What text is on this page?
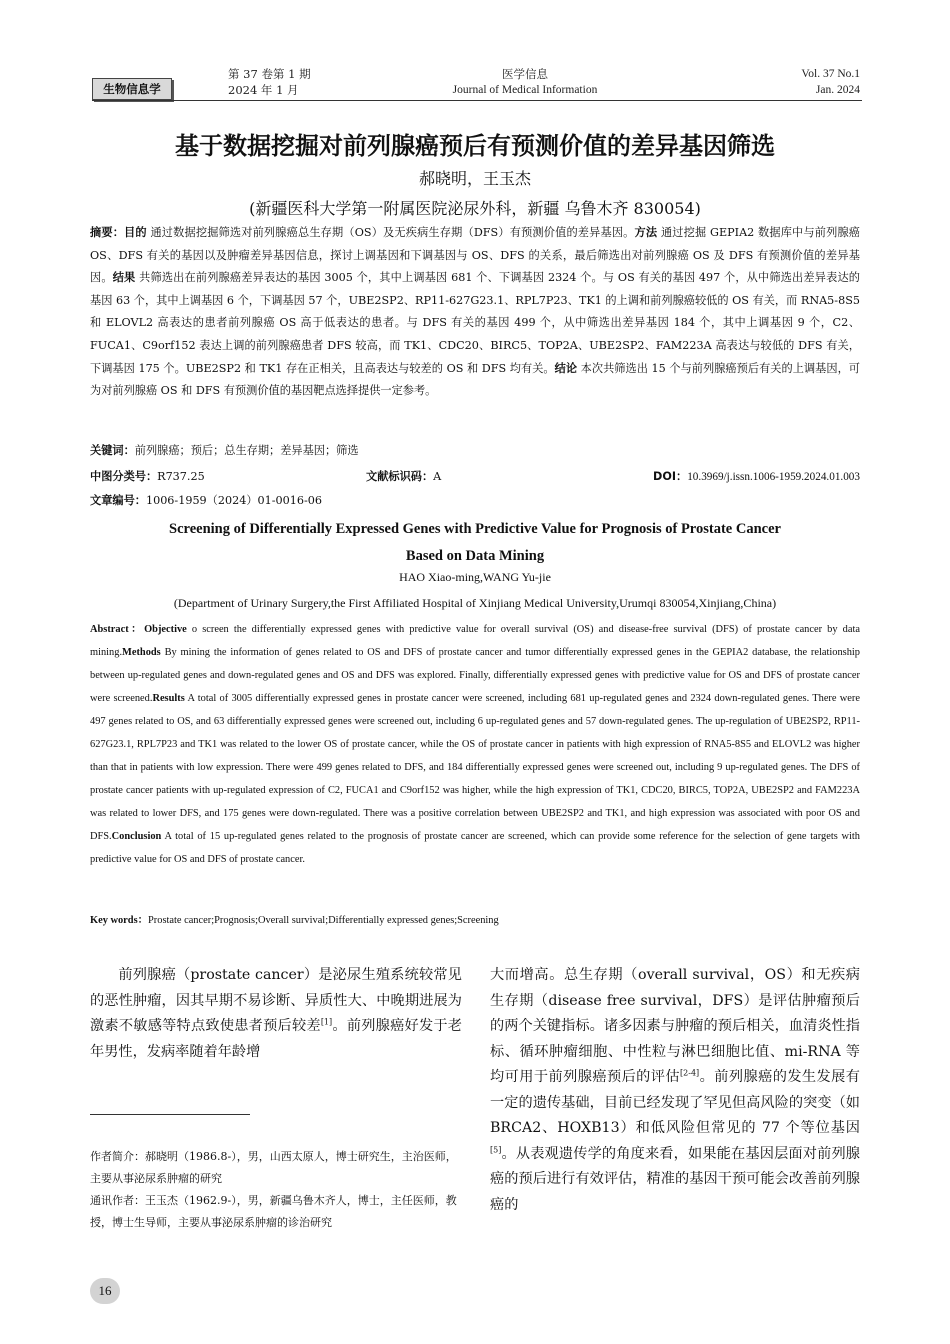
生物信息学
第 37 卷第 1 期
2024 年 1 月
医学信息
Journal of Medical Information
Vol. 37 No.1
Jan. 2024
基于数据挖掘对前列腺癌预后有预测价值的差异基因筛选
郝晓明，王玉杰
(新疆医科大学第一附属医院泌尿外科，新疆 乌鲁木齐 830054)
摘要：目的 通过数据挖掘筛选对前列腺癌总生存期（OS）及无疾病生存期（DFS）有预测价值的差异基因。方法 通过挖掘 GEPIA2 数据库中与前列腺癌 OS、DFS 有关的基因以及肿瘤差异基因信息，探讨上调基因和下调基因与 OS、DFS 的关系，最后筛选出对前列腺癌 OS 及 DFS 有预测价值的差异基因。结果 共筛选出在前列腺癌差异表达的基因 3005 个，其中上调基因 681 个、下调基因 2324 个。与 OS 有关的基因 497 个，从中筛选出差异表达的基因 63 个，其中上调基因 6 个，下调基因 57 个，UBE2SP2、RP11-627G23.1、RPL7P23、TK1 的上调和前列腺癌较低的 OS 有关，而 RNA5-8S5 和 ELOVL2 高表达的患者前列腺癌 OS 高于低表达的患者。与 DFS 有关的基因 499 个，从中筛选出差异基因 184 个，其中上调基因 9 个，C2、FUCA1、C9orf152 表达上调的前列腺癌患者 DFS 较高，而 TK1、CDC20、BIRC5、TOP2A、UBE2SP2、FAM223A 高表达与较低的 DFS 有关，下调基因 175 个。UBE2SP2 和 TK1 存在正相关，且高表达与较差的 OS 和 DFS 均有关。结论 本次共筛选出 15 个与前列腺癌预后有关的上调基因，可为对前列腺癌 OS 和 DFS 有预测价值的基因靶点选择提供一定参考。
关键词：前列腺癌；预后；总生存期；差异基因；筛选
中图分类号：R737.25	文献标识码：A	DOI：10.3969/j.issn.1006-1959.2024.01.003
文章编号：1006-1959（2024）01-0016-06
Screening of Differentially Expressed Genes with Predictive Value for Prognosis of Prostate Cancer
Based on Data Mining
HAO Xiao-ming,WANG Yu-jie
(Department of Urinary Surgery,the First Affiliated Hospital of Xinjiang Medical University,Urumqi 830054,Xinjiang,China)
Abstract：Objective o screen the differentially expressed genes with predictive value for overall survival (OS) and disease-free survival (DFS) of prostate cancer by data mining.Methods By mining the information of genes related to OS and DFS of prostate cancer and tumor differentially expressed genes in the GEPIA2 database, the relationship between up-regulated genes and down-regulated genes and OS and DFS was explored. Finally, differentially expressed genes with predictive value for OS and DFS of prostate cancer were screened.Results A total of 3005 differentially expressed genes in prostate cancer were screened, including 681 up-regulated genes and 2324 down-regulated genes. There were 497 genes related to OS, and 63 differentially expressed genes were screened out, including 6 up-regulated genes and 57 down-regulated genes. The up-regulation of UBE2SP2, RP11-627G23.1, RPL7P23 and TK1 was related to the lower OS of prostate cancer, while the OS of prostate cancer in patients with high expression of RNA5-8S5 and ELOVL2 was higher than that in patients with low expression. There were 499 genes related to DFS, and 184 differentially expressed genes were screened out, including 9 up-regulated genes. The DFS of prostate cancer patients with up-regulated expression of C2, FUCA1 and C9orf152 was higher, while the high expression of TK1, CDC20, BIRC5, TOP2A, UBE2SP2 and FAM223A was related to lower DFS, and 175 genes were down-regulated. There was a positive correlation between UBE2SP2 and TK1, and high expression was associated with poor OS and DFS.Conclusion A total of 15 up-regulated genes related to the prognosis of prostate cancer are screened, which can provide some reference for the selection of gene targets with predictive value for OS and DFS of prostate cancer.
Key words：Prostate cancer;Prognosis;Overall survival;Differentially expressed genes;Screening
前列腺癌（prostate cancer）是泌尿生殖系统较常见的恶性肿瘤，因其早期不易诊断、异质性大、中晚期进展为激素不敏感等特点致使患者预后较差[1]。前列腺癌好发于老年男性，发病率随着年龄增
大而增高。总生存期（overall survival，OS）和无疾病生存期（disease free survival，DFS）是评估肿瘤预后的两个关键指标。诸多因素与肿瘤的预后相关，血清炎性指标、循环肿瘤细胞、中性粒与淋巴细胞比值、mi-RNA 等均可用于前列腺癌预后的评估[2-4]。前列腺癌的发生发展有一定的遗传基础，目前已经发现了罕见但高风险的突变（如 BRCA2、HOXB13）和低风险但常见的 77 个等位基因[5]。从表观遗传学的角度来看，如果能在基因层面对前列腺癌的预后进行有效评估，精准的基因干预可能会改善前列腺癌的
作者简介：郝晓明（1986.8-），男，山西太原人，博士研究生，主治医师，主要从事泌尿系肿瘤的研究
通讯作者：王玉杰（1962.9-），男，新疆乌鲁木齐人，博士，主任医师，教授，博士生导师，主要从事泌尿系肿瘤的诊治研究
16
